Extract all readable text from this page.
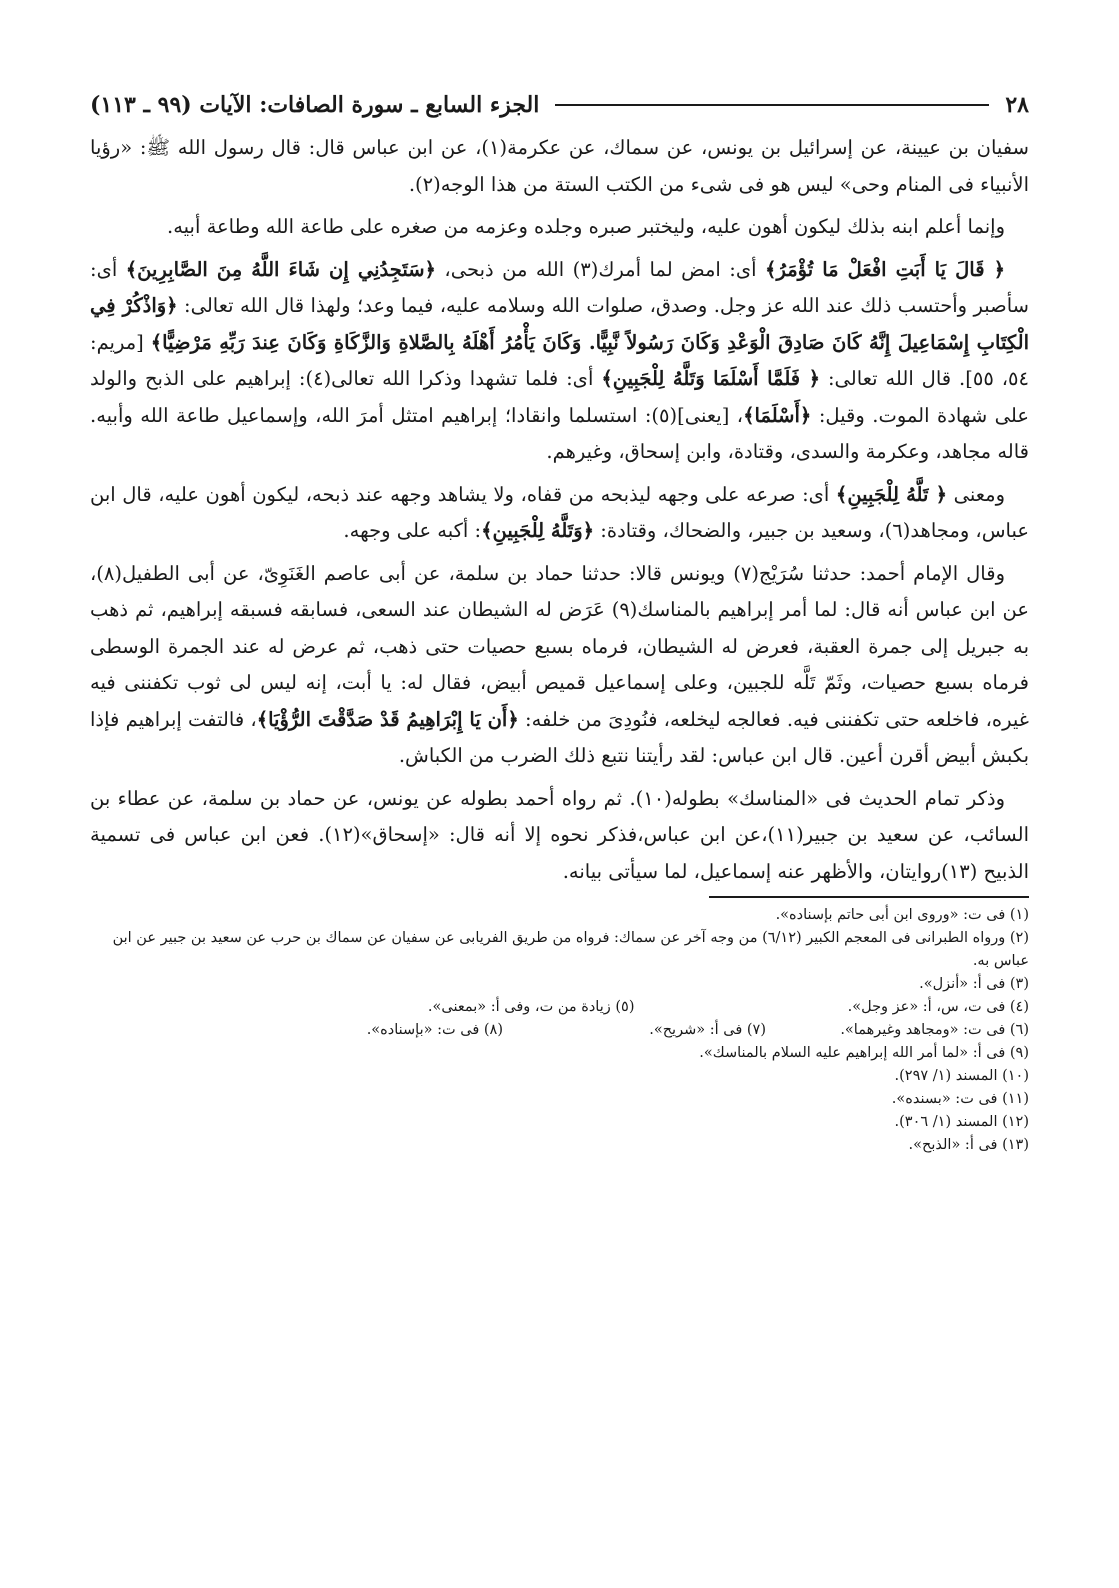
٢٨
الجزء السابع ـ سورة الصافات: الآيات (٩٩ ـ ١١٣)

سفيان بن عيينة، عن إسرائيل بن يونس، عن سماك، عن عكرمة(١)، عن ابن عباس قال: قال رسول الله ﷺ: «رؤيا الأنبياء فى المنام وحى» ليس هو فى شىء من الكتب الستة من هذا الوجه(٢).

وإنما أعلم ابنه بذلك ليكون أهون عليه، وليختبر صبره وجلده وعزمه من صغره على طاعة الله وطاعة أبيه.

﴿ قَالَ يَا أَبَتِ افْعَلْ مَا تُؤْمَرُ﴾ أى: امض لما أمرك(٣) الله من ذبحى، ﴿سَتَجِدُنِي إِن شَاءَ اللَّهُ مِنَ الصَّابِرِينَ﴾ أى: سأصبر وأحتسب ذلك عند الله عز وجل. وصدق، صلوات الله وسلامه عليه، فيما وعد؛ ولهذا قال الله تعالى: ﴿وَاذْكُرْ فِي الْكِتَابِ إِسْمَاعِيلَ إِنَّهُ كَانَ صَادِقَ الْوَعْدِ وَكَانَ رَسُولاً نَّبِيًّا. وَكَانَ يَأْمُرُ أَهْلَهُ بِالصَّلاةِ وَالزَّكَاةِ وَكَانَ عِندَ رَبِّهِ مَرْضِيًّا﴾ [مريم: ٥٤، ٥٥]. قال الله تعالى: ﴿ فَلَمَّا أَسْلَمَا وَتَلَّهُ لِلْجَبِينِ﴾ أى: فلما تشهدا وذكرا الله تعالى(٤): إبراهيم على الذبح والولد على شهادة الموت. وقيل: ﴿أَسْلَمَا﴾، [يعنى](٥): استسلما وانقادا؛ إبراهيم امتثل أمرَ الله، وإسماعيل طاعة الله وأبيه. قاله مجاهد، وعكرمة والسدى، وقتادة، وابن إسحاق، وغيرهم.

ومعنى ﴿ تَلَّهُ لِلْجَبِينِ﴾ أى: صرعه على وجهه ليذبحه من قفاه، ولا يشاهد وجهه عند ذبحه، ليكون أهون عليه، قال ابن عباس، ومجاهد(٦)، وسعيد بن جبير، والضحاك، وقتادة: ﴿وَتَلَّهُ لِلْجَبِينِ﴾: أكبه على وجهه.

وقال الإمام أحمد: حدثنا سُرَيْج(٧) ويونس قالا: حدثنا حماد بن سلمة، عن أبى عاصم الغَنَوِىّ، عن أبى الطفيل(٨)، عن ابن عباس أنه قال: لما أمر إبراهيم بالمناسك(٩) عَرَض له الشيطان عند السعى، فسابقه فسبقه إبراهيم، ثم ذهب به جبريل إلى جمرة العقبة، فعرض له الشيطان، فرماه بسبع حصيات حتى ذهب، ثم عرض له عند الجمرة الوسطى فرماه بسبع حصيات، وثَمّ تَلَّه للجبين، وعلى إسماعيل قميص أبيض، فقال له: يا أبت، إنه ليس لى ثوب تكفننى فيه غيره، فاخلعه حتى تكفننى فيه. فعالجه ليخلعه، فنُودِىَ من خلفه: ﴿أَن يَا إِبْرَاهِيمُ قَدْ صَدَّقْتَ الرُّؤْيَا﴾، فالتفت إبراهيم فإذا بكبش أبيض أقرن أعين. قال ابن عباس: لقد رأيتنا نتبع ذلك الضرب من الكباش.

وذكر تمام الحديث فى «المناسك» بطوله(١٠). ثم رواه أحمد بطوله عن يونس، عن حماد بن سلمة، عن عطاء بن السائب، عن سعيد بن جبير(١١)،عن ابن عباس،فذكر نحوه إلا أنه قال: «إسحاق»(١٢). فعن ابن عباس فى تسمية الذبيح (١٣)روايتان، والأظهر عنه إسماعيل، لما سيأتى بيانه.

(١) فى ت: «وروى ابن أبى حاتم بإسناده».

(٢) ورواه الطبرانى فى المعجم الكبير (٦/١٢) من وجه آخر عن سماك: فرواه من طريق الفريابى عن سفيان عن سماك بن حرب عن سعيد بن جبير عن ابن عباس به.

(٣) فى أ: «أنزل».

(٤) فى ت، س، أ: «عز وجل».
(٥) زيادة من ت، وفى أ: «بمعنى».
(٦) فى ت: «ومجاهد وغيرهما».
(٧) فى أ: «شريح».
(٨) فى ت: «بإسناده».

(٩) فى أ: «لما أمر الله إبراهيم عليه السلام بالمناسك».

(١٠) المسند (١/ ٢٩٧).

(١١) فى ت: «بسنده».

(١٢) المسند (١/ ٣٠٦).

(١٣) فى أ: «الذبح».
